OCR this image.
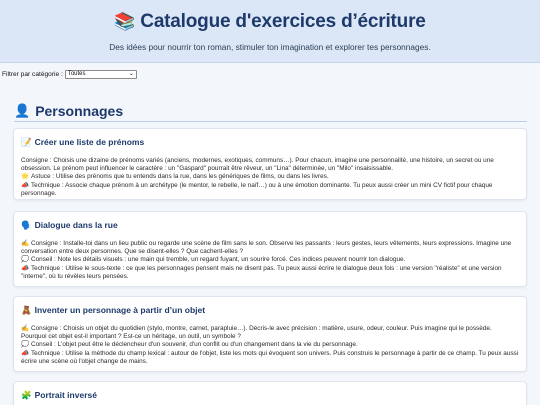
📚 Catalogue d'exercices d’écriture

Des idées pour nourrir ton roman, stimuler ton imagination et explorer tes personnages.

Filtrer par catégorie : Toutes	⌄
👤 Personnages
📝 Créer une liste de prénoms
Consigne : Choisis une dizaine de prénoms variés (anciens, modernes, exotiques, communs…). Pour chacun, imagine une personnalité, une histoire, un secret ou une obsession. Le prénom peut influencer le caractère : un "Gaspard" pourrait être rêveur, un "Lina" déterminée, un "Milo" insaisissable.
🌟 Astuce : Utilise des prénoms que tu entends dans la rue, dans les génériques de films, ou dans les livres.
📣 Technique : Associe chaque prénom à un archétype (le mentor, le rebelle, le naïf…) ou à une émotion dominante. Tu peux aussi créer un mini CV fictif pour chaque personnage.
🗣️ Dialogue dans la rue
✍️ Consigne : Installe-toi dans un lieu public ou regarde une scène de film sans le son. Observe les passants : leurs gestes, leurs vêtements, leurs expressions. Imagine une conversation entre deux personnes. Que se disent-elles ? Que cachent-elles ?
💭 Conseil : Note les détails visuels : une main qui tremble, un regard fuyant, un sourire forcé. Ces indices peuvent nourrir ton dialogue.
📣 Technique : Utilise le sous-texte : ce que les personnages pensent mais ne disent pas. Tu peux aussi écrire le dialogue deux fois : une version "réaliste" et une version "interne", où tu révèles leurs pensées.
🧸 Inventer un personnage à partir d’un objet
✍️ Consigne : Choisis un objet du quotidien (stylo, montre, carnet, parapluie…). Décris-le avec précision : matière, usure, odeur, couleur. Puis imagine qui le possède. Pourquoi cet objet est-il important ? Est-ce un héritage, un outil, un symbole ?
💭 Conseil : L'objet peut être le déclencheur d'un souvenir, d'un conflit ou d'un changement dans la vie du personnage.
📣 Technique : Utilise la méthode du champ lexical : autour de l'objet, liste les mots qui évoquent son univers. Puis construis le personnage à partir de ce champ. Tu peux aussi écrire une scène où l'objet change de mains.
🧩 Portrait inversé
